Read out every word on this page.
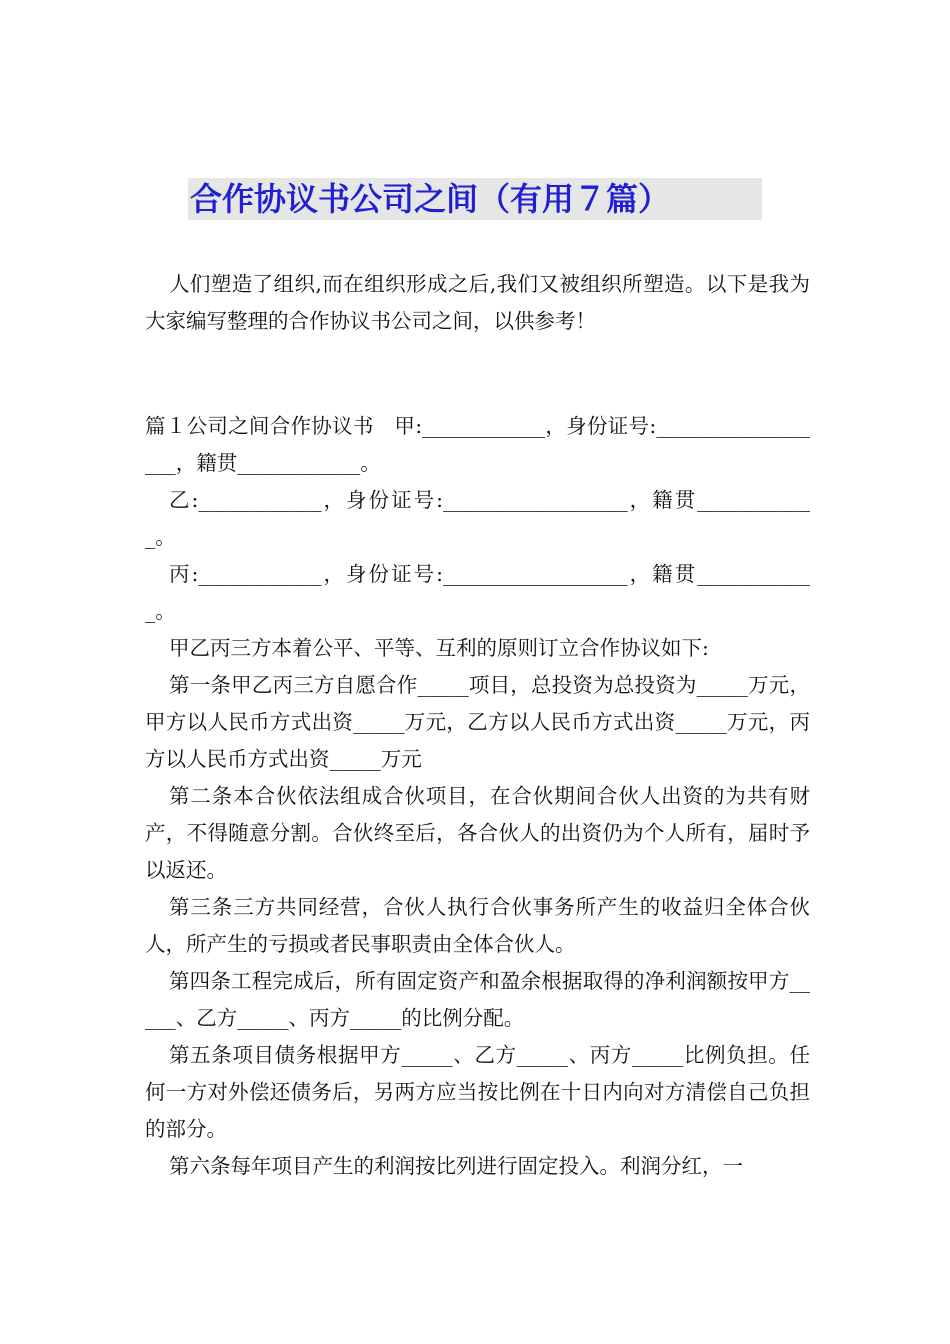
合作协议书公司之间（有用７篇）

人们塑造了组织,而在组织形成之后,我们又被组织所塑造。以下是我为大家编写整理的合作协议书公司之间，以供参考！

篇１公司之间合作协议书　甲:____________，身份证号:__________________，籍贯____________。

乙:____________，身份证号:__________________，籍贯____________。

丙:____________，身份证号:__________________，籍贯____________。

甲乙丙三方本着公平、平等、互利的原则订立合作协议如下:

第一条甲乙丙三方自愿合作_____项目，总投资为总投资为_____万元，甲方以人民币方式出资_____万元，乙方以人民币方式出资_____万元，丙方以人民币方式出资_____万元

第二条本合伙依法组成合伙项目，在合伙期间合伙人出资的为共有财产，不得随意分割。合伙终至后，各合伙人的出资仍为个人所有，届时予以返还。

第三条三方共同经营，合伙人执行合伙事务所产生的收益归全体合伙人，所产生的亏损或者民事职责由全体合伙人。

第四条工程完成后，所有固定资产和盈余根据取得的净利润额按甲方_____、乙方_____、丙方_____的比例分配。

第五条项目债务根据甲方_____、乙方_____、丙方_____比例负担。任何一方对外偿还债务后，另两方应当按比例在十日内向对方清偿自己负担的部分。

第六条每年项目产生的利润按比列进行固定投入。利润分红，一
